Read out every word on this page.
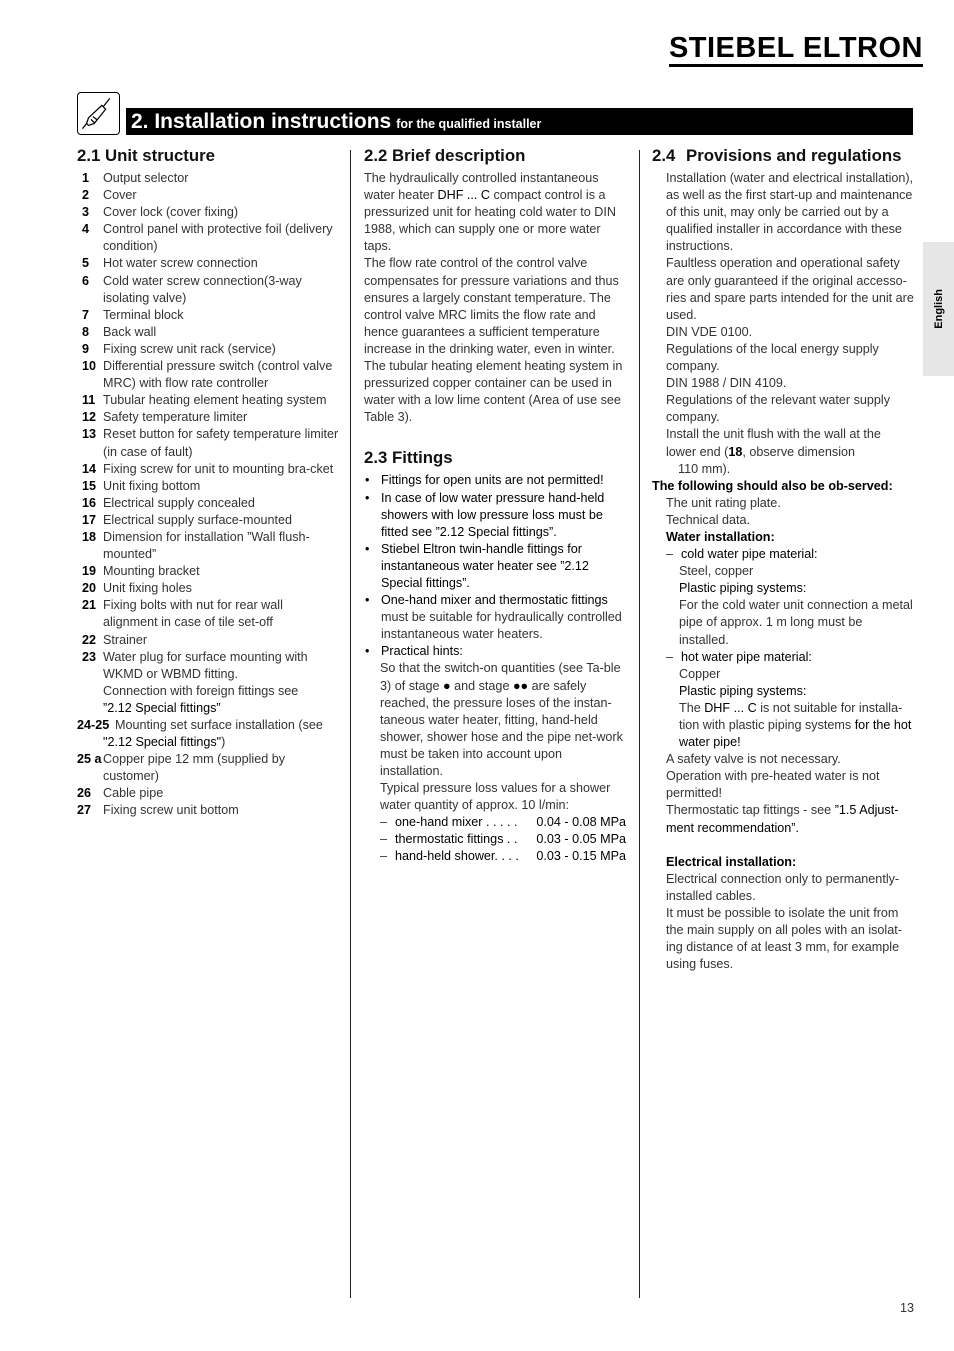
STIEBEL ELTRON
2. Installation instructions for the qualified installer
English
2.1 Unit structure
1	Output selector
2	Cover
3	Cover lock (cover fixing)
4	Control panel with protective foil (delivery condition)
5	Hot water screw connection
6	Cold water screw connection(3-way isolating valve)
7	Terminal block
8	Back wall
9	Fixing screw unit rack (service)
10 Differential pressure switch (control valve MRC) with flow rate controller
11 Tubular heating element heating system
12 Safety temperature limiter
13 Reset button for safety temperature limiter (in case of fault)
14 Fixing screw for unit to mounting bra-cket
15 Unit fixing bottom
16 Electrical supply concealed
17 Electrical supply surface-mounted
18 Dimension for installation ”Wall flush-mounted”
19 Mounting bracket
20 Unit fixing holes
21 Fixing bolts with nut for rear wall alignment in case of tile set-off
22 Strainer
23 Water plug for surface mounting with WKMD or WBMD fitting.
Connection with foreign fittings see
”2.12 Special fittings”
24-25 Mounting set surface installation (see
"2.12 Special fittings" )
25 a Copper pipe 12 mm (supplied by customer)
26 Cable pipe
27 Fixing screw unit bottom
2.2 Brief description

The hydraulically controlled instantaneous water heater DHF ... C compact control is a pressurized unit for heating cold water to DIN 1988, which can supply one or more water taps.

The flow rate control of the control valve compensates for pressure variations and thus ensures a largely constant temperature. The control valve MRC limits the flow rate and hence guarantees a sufficient temperature increase in the drinking water, even in winter. The tubular heating element heating system in pressurized copper container can be used in water with a low lime content (Area of use see Table 3).

2.3 Fittings
• Fittings for open units are not permitted!
• In case of low water pressure hand-held showers with low pressure loss must be fitted see ”2.12 Special fittings”.
• Stiebel Eltron twin-handle fittings for instantaneous water heater see ”2.12 Special fittings”.
• One-hand mixer and thermostatic fittings must be suitable for hydraulically controlled instantaneous water heaters.
• Practical hints:

So that the switch-on quantities (see Ta-ble 3) of stage ● and stage ●● are safely reached, the pressure loses of the instan-taneous water heater, fitting, hand-held shower, shower hose and the pipe net-work must be taken into account upon installation.

Typical pressure loss values for a shower water quantity of approx. 10 l/min:

– one-hand mixer . . . . .	0.04 - 0.08 MPa
– thermostatic fittings . .	0.03 - 0.05 MPa
– hand-held shower. . . .	0.03 - 0.15 MPa
2.4 Provisions and regulations

Installation (water and electrical installation), as well as the first start-up and maintenance of this unit, may only be carried out by a qualified installer in accordance with these instructions.

Faultless operation and operational safety are only guaranteed if the original accesso-ries and spare parts intended for the unit are used.

DIN VDE 0100.

Regulations of the local energy supply company.

DIN 1988 / DIN 4109.

Regulations of the relevant water supply company.

Install the unit flush with the wall at the lower end (18, observe dimension

110 mm).

The following should also be ob-served:

The unit rating plate.

Technical data.

Water installation:

– cold water pipe material:

Steel, copper

Plastic piping systems:

For the cold water unit connection a metal pipe of approx. 1 m long must be installed.

– hot water pipe material:

Copper

Plastic piping systems:

The DHF ... C is not suitable for installa-tion with plastic piping systems for the hot water pipe!

A safety valve is not necessary.

Operation with pre-heated water is not permitted!

Thermostatic tap fittings - see ”1.5 Adjust-ment recommendation”.

Electrical installation:

Electrical connection only to permanently-installed cables.

It must be possible to isolate the unit from the main supply on all poles with an isolat-ing distance of at least 3 mm, for example using fuses.

13
